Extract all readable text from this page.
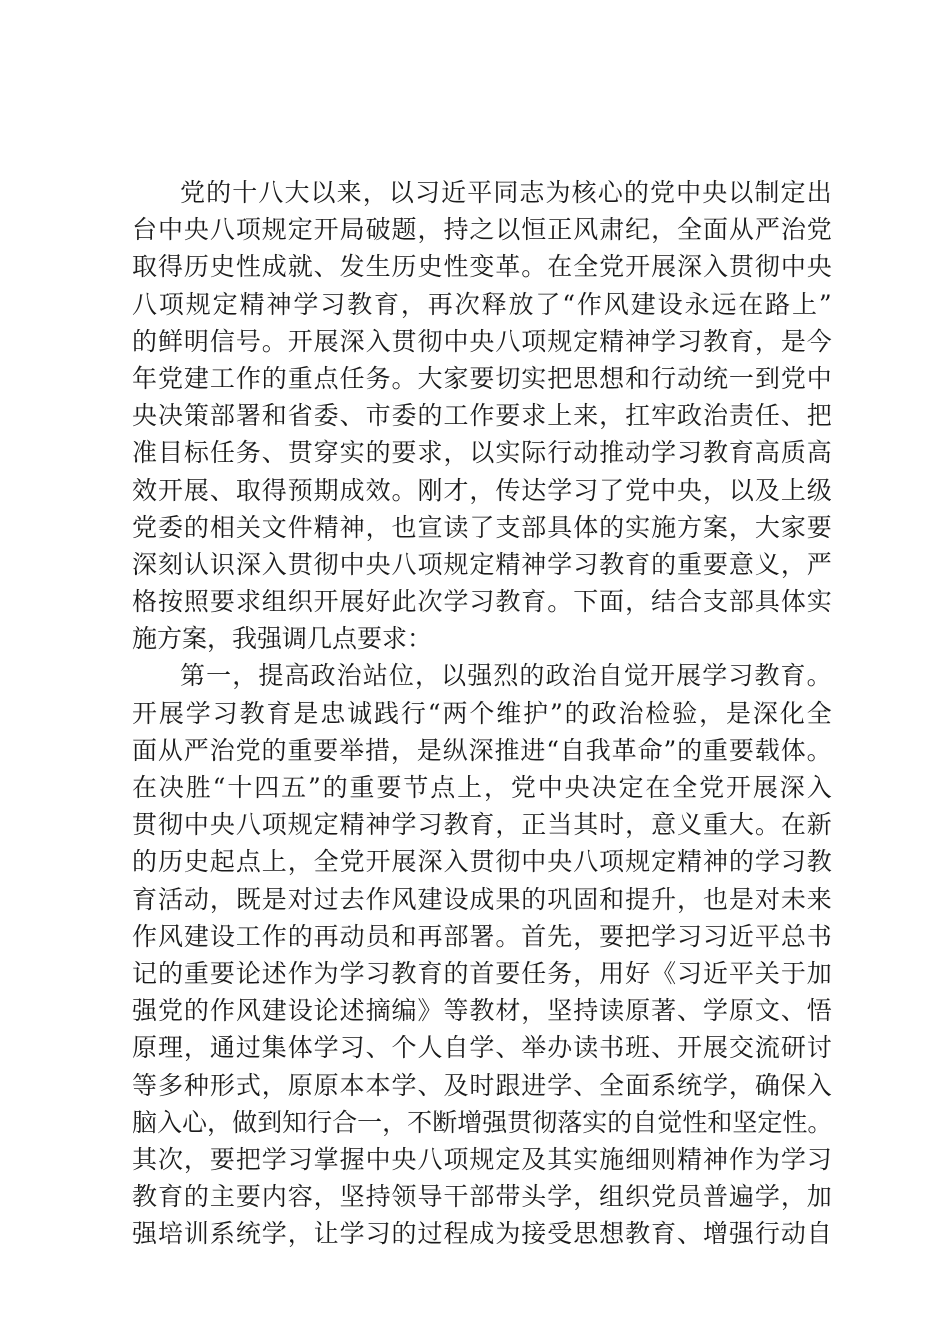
党 的 十 八 大 以 来 ， 以 习 近 平 同 志 为 核 心 的 党 中 央 以 制 定 出
台 中 央 八 项 规 定 开 局 破 题 ， 持 之 以 恒 正 风 肃 纪 ， 全 面 从 严 治 党
取 得 历 史 性 成 就 、 发 生 历 史 性 变 革 。 在 全 党 开 展 深 入 贯 彻 中 央
八 项 规 定 精 神 学 习 教 育 ， 再 次 释 放 了 “ 作 风 建 设 永 远 在 路 上 ”
的 鲜 明 信 号 。 开 展 深 入 贯 彻 中 央 八 项 规 定 精 神 学 习 教 育 ， 是 今
年 党 建 工 作 的 重 点 任 务 。 大 家 要 切 实 把 思 想 和 行 动 统 一 到 党 中
央 决 策 部 署 和 省 委 、 市 委 的 工 作 要 求 上 来 ， 扛 牢 政 治 责 任 、 把
准 目 标 任 务 、 贯 穿 实 的 要 求 ， 以 实 际 行 动 推 动 学 习 教 育 高 质 高
效 开 展 、 取 得 预 期 成 效 。 刚 才 ， 传 达 学 习 了 党 中 央 ， 以 及 上 级
党 委 的 相 关 文 件 精 神 ， 也 宣 读 了 支 部 具 体 的 实 施 方 案 ， 大 家 要
深 刻 认 识 深 入 贯 彻 中 央 八 项 规 定 精 神 学 习 教 育 的 重 要 意 义 ， 严
格 按 照 要 求 组 织 开 展 好 此 次 学 习 教 育 。 下 面 ， 结 合 支 部 具 体 实
施方案，我强调几点要求：
第 一 ， 提 高 政 治 站 位 ， 以 强 烈 的 政 治 自 觉 开 展 学 习 教 育 。
开 展 学 习 教 育 是 忠 诚 践 行 “ 两 个 维 护 ” 的 政 治 检 验 ， 是 深 化 全
面 从 严 治 党 的 重 要 举 措 ， 是 纵 深 推 进 “ 自 我 革 命 ” 的 重 要 载 体 。
在 决 胜 “ 十 四 五 ” 的 重 要 节 点 上 ， 党 中 央 决 定 在 全 党 开 展 深 入
贯 彻 中 央 八 项 规 定 精 神 学 习 教 育 ， 正 当 其 时 ， 意 义 重 大 。 在 新
的 历 史 起 点 上 ， 全 党 开 展 深 入 贯 彻 中 央 八 项 规 定 精 神 的 学 习 教
育 活 动 ， 既 是 对 过 去 作 风 建 设 成 果 的 巩 固 和 提 升 ， 也 是 对 未 来
作 风 建 设 工 作 的 再 动 员 和 再 部 署 。 首 先 ， 要 把 学 习 习 近 平 总 书
记 的 重 要 论 述 作 为 学 习 教 育 的 首 要 任 务 ， 用 好 《 习 近 平 关 于 加
强 党 的 作 风 建 设 论 述 摘 编 》 等 教 材 ， 坚 持 读 原 著 、 学 原 文 、 悟
原 理 ， 通 过 集 体 学 习 、 个 人 自 学 、 举 办 读 书 班 、 开 展 交 流 研 讨
等 多 种 形 式 ， 原 原 本 本 学 、 及 时 跟 进 学 、 全 面 系 统 学 ， 确 保 入
脑 入 心 ， 做 到 知 行 合 一 ， 不 断 增 强 贯 彻 落 实 的 自 觉 性 和 坚 定 性 。
其 次 ， 要 把 学 习 掌 握 中 央 八 项 规 定 及 其 实 施 细 则 精 神 作 为 学 习
教 育 的 主 要 内 容 ， 坚 持 领 导 干 部 带 头 学 ， 组 织 党 员 普 遍 学 ， 加
强 培 训 系 统 学 ， 让 学 习 的 过 程 成 为 接 受 思 想 教 育 、 增 强 行 动 自
